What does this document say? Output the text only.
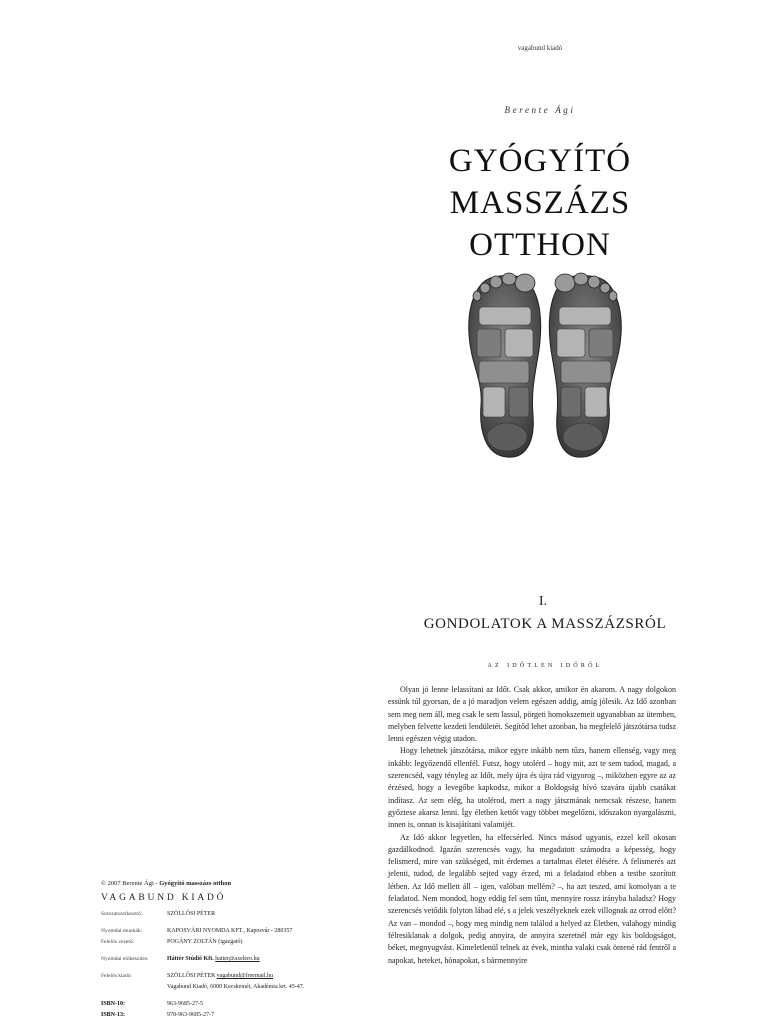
vagabund kiadó
Berente Ági
GYÓGYÍTÓ
MASSZÁZS
OTTHON
I.
GONDOLATOK A MASSZÁZSRÓL
az időtlen időről

Olyan jó lenne lelassítani az Időt. Csak akkor, amikor én akarom. A nagy dolgokon essünk túl gyorsan, de a jó maradjon velem egészen addig, amíg jólesik. Az Idő azonban sem meg nem áll, meg csak le sem lassul, pörgeti homokszemeit ugyanabban az ütemben, melyben felvette kezdeti lendületét. Segítőd lehet azonban, ha megfelelő játszótársa tudsz lenni egészen végig utadon.

Hogy lehetnek játszótársa, mikor egyre inkább nem tűzs, hanem ellenség, vagy meg inkább: legyőzendő ellenfél. Futsz, hogy utolérd – hogy mit, azt te sem tudod, magad, a szerencséd, vagy tényleg az Időt, mely újra és újra rád vigyorog –, miközben egyre az az érzésed, hogy a levegőbe kapkodsz, mikor a Boldogság hívó szavára újabb csatákat indítasz. Az sem elég, ha utolérod, mert a nagy játszmának nemcsak részese, hanem győztese akarsz lenni. Így életben kettőt vagy többet megelőzni, időszakon nyargalászni, innen is, onnan is kisajátítani valamijét.

Az Idő akkor legyetlen, ha elfecsérled. Nincs másod ugyanis, ezzel kell okosan gazdálkodnod. Igazán szerencsés vagy, ha megadatott számodra a képesség, hogy felismerd, mire van szükséged, mit érdemes a tartalmas életet élésére. A felismerés azt jelenti, tudod, de legalább sejted vagy érzed, mi a feladatod ebben a testbe szorított létben. Az Idő mellett áll – igen, valóban mellém? –, ha azt teszed, ami komolyan a te feladatod. Nem mondod, hogy eddig fel sem tűnt, mennyire rossz irányba haladsz? Hogy szerencsés vetődik folyton lábad elé, s a jelek veszélyeknek ezek villognak az orrod előtt? Az van – mondod –, hogy meg mindig nem találod a helyed az Életben, valahogy mindig félresiklanak a dolgok, pedig annyira, de annyira szeretnél már egy kis boldogságot, béket, megnyugvást. Kímeletlenül telnek az évek, mintha valaki csak öntené rád fentről a napokat, heteket, hónapokat, s bármennyire

© 2007 Berente Ági - Gyógyító masszázs otthon
VAGABUND KIADÓ
Sorozatszerkesztő:	SZÖLLŐSI PÉTER
Nyomdai munkák:	KAPOSVÁRI NYOMDA KFT., Kaposvár - 280357
Felelős vezető:	POGÁNY ZOLTÁN (igazgató)
Nyomdai előkészítés:	Háttér Stúdió Kft. hatter@axelero.hu
Felelős kiadó:	SZÖLLŐSI PÉTER vagabund@freemail.hu
Vagabund Kiadó, 6000 Kecskemét, Akadémia krt. 45-47.
ISBN-10:	963-9685-27-5
ISBN-13:	978-963-9685-27-7
